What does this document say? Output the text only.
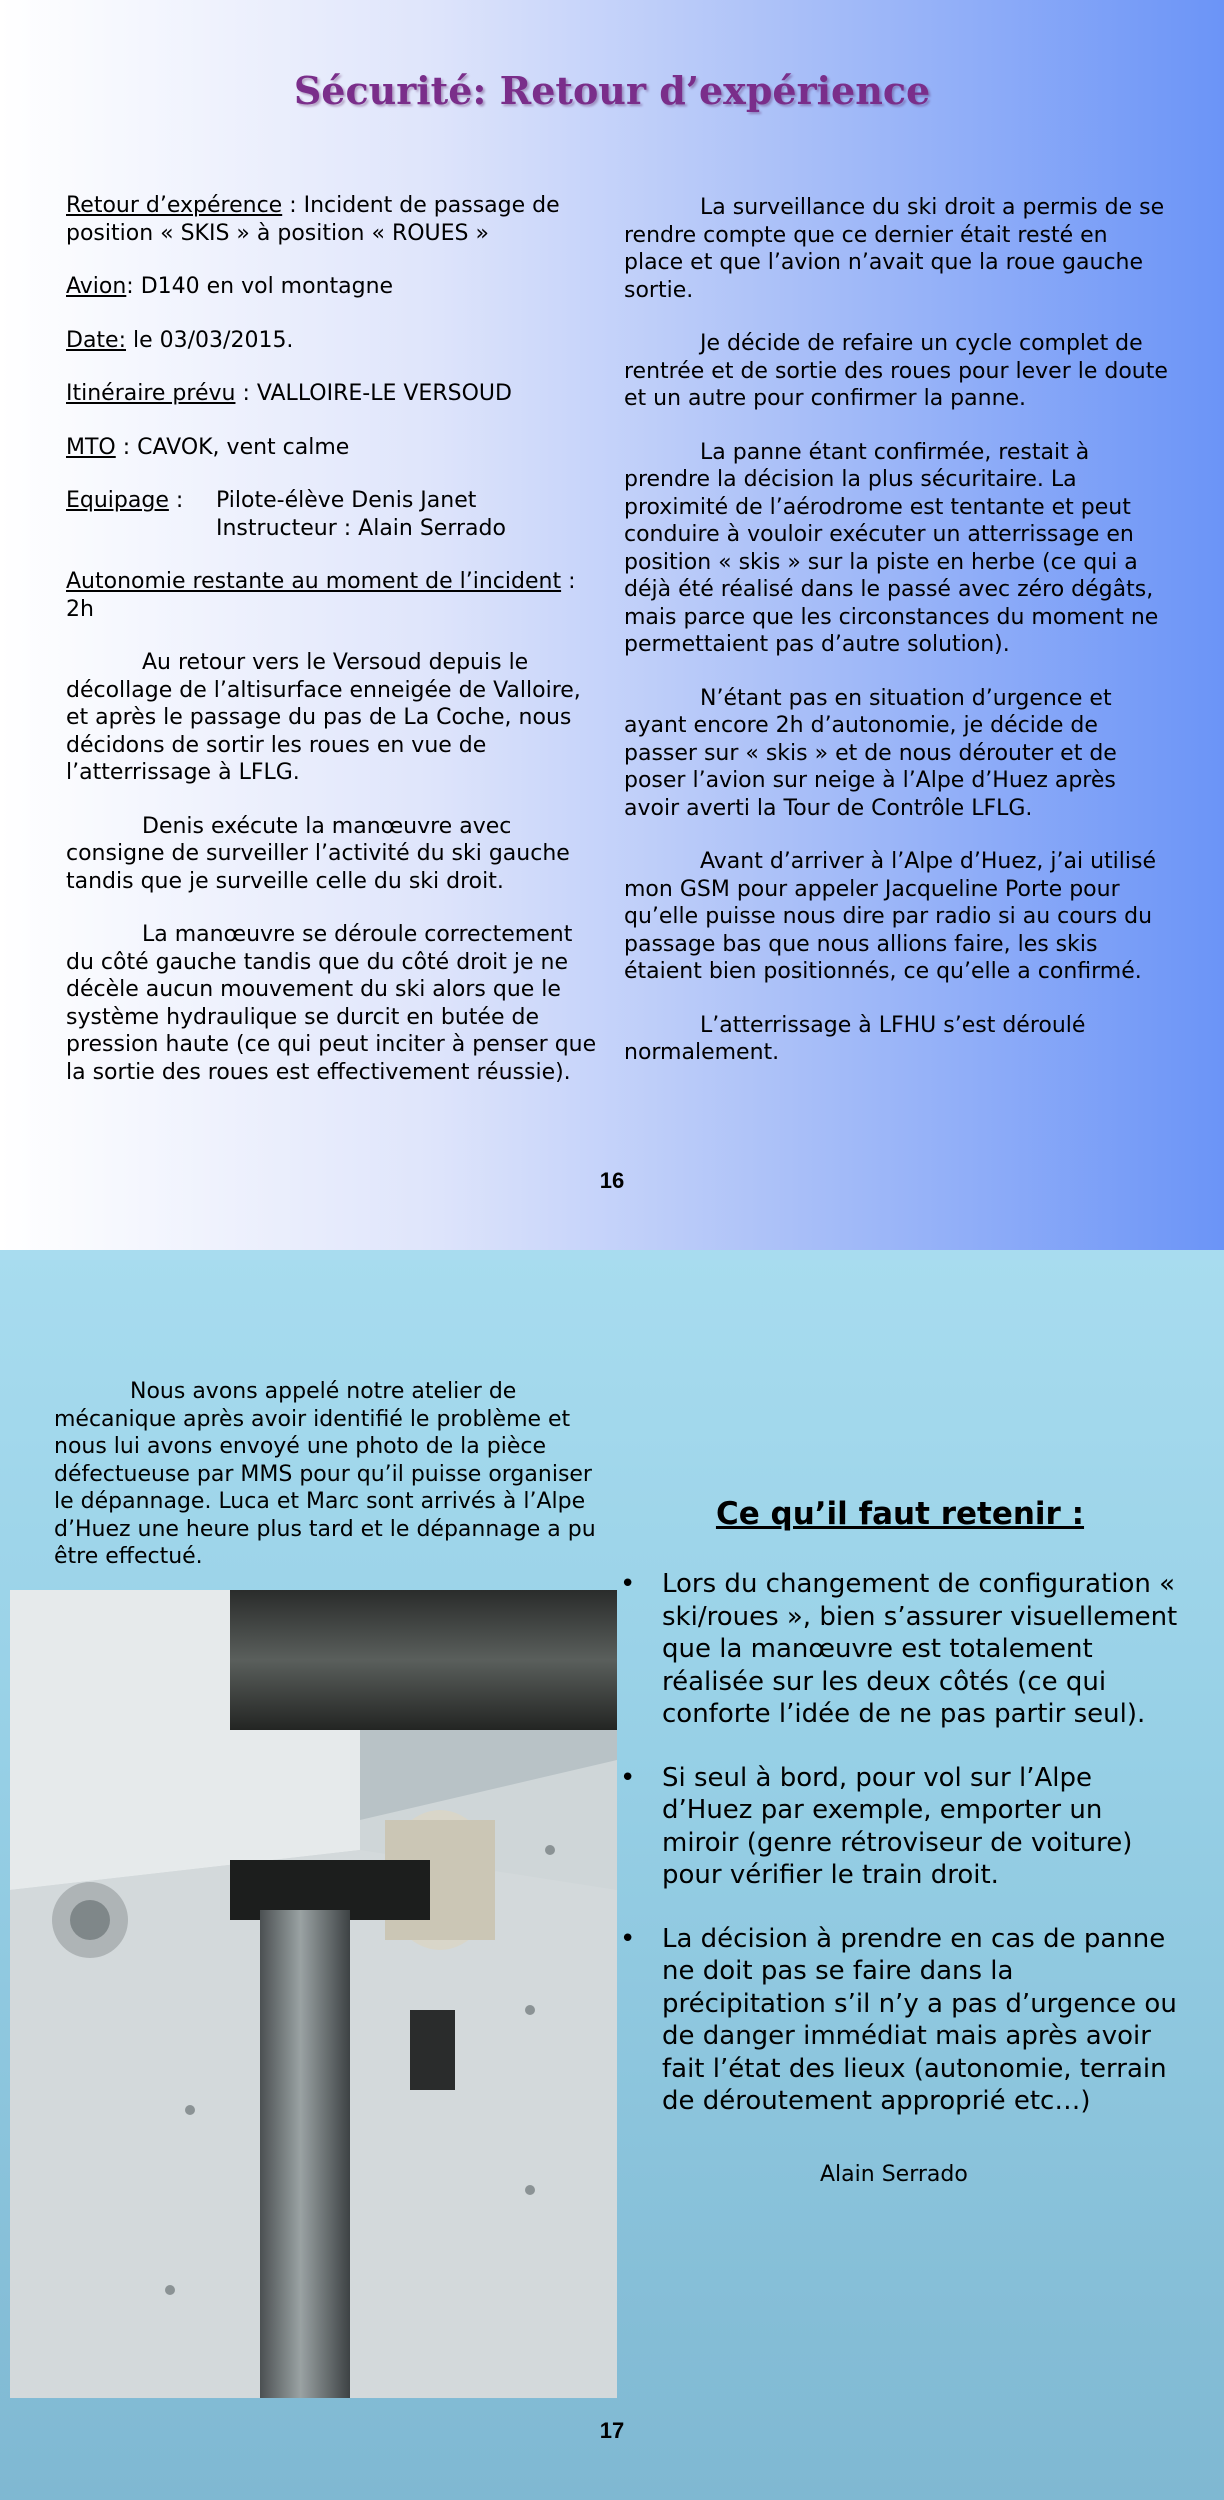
Sécurité: Retour d’expérience

Retour d’expérence : Incident de passage de position « SKIS » à position « ROUES »

Avion: D140 en vol montagne

Date: le 03/03/2015.

Itinéraire prévu : VALLOIRE-LE VERSOUD

MTO : CAVOK, vent calme

Equipage :	Pilote-élève Denis Janet
Instructeur : Alain Serrado

Autonomie restante au moment de l’incident : 2h

Au retour vers le Versoud depuis le décollage de l’altisurface enneigée de Valloire, et après le passage du pas de La Coche, nous décidons de sortir les roues en vue de l’atterrissage à LFLG.

Denis exécute la manœuvre avec consigne de surveiller l’activité du ski gauche tandis que je surveille celle du ski droit.

La manœuvre se déroule correctement du côté gauche tandis que du côté droit je ne décèle aucun mouvement du ski alors que le système hydraulique se durcit en butée de pression haute (ce qui peut inciter à penser que la sortie des roues est effectivement réussie).

La surveillance du ski droit a permis de se rendre compte que ce dernier était resté en place et que l’avion n’avait que la roue gauche sortie.

Je décide de refaire un cycle complet de rentrée et de sortie des roues pour lever le doute et un autre pour confirmer la panne.

La panne étant confirmée, restait à prendre la décision la plus sécuritaire. La proximité de l’aérodrome est tentante et peut conduire à vouloir exécuter un atterrissage en position « skis » sur la piste en herbe (ce qui a déjà été réalisé dans le passé avec zéro dégâts, mais parce que les circonstances du moment ne permettaient pas d’autre solution).

N’étant pas en situation d’urgence et ayant encore 2h d’autonomie, je décide de passer sur « skis » et de nous dérouter et de poser l’avion sur neige à l’Alpe d’Huez après avoir averti la Tour de Contrôle LFLG.

Avant d’arriver à l’Alpe d’Huez, j’ai utilisé mon GSM pour appeler Jacqueline Porte pour qu’elle puisse nous dire par radio si au cours du passage bas que nous allions faire, les skis étaient bien positionnés, ce qu’elle a confirmé.

L’atterrissage à LFHU s’est déroulé normalement.

16

Nous avons appelé notre atelier de mécanique après avoir identifié le problème et nous lui avons envoyé une photo de la pièce défectueuse par MMS pour qu’il puisse organiser le dépannage. Luca et Marc sont arrivés à l’Alpe d’Huez une heure plus tard et le dépannage a pu être effectué.

Ce qu’il faut retenir :
• Lors du changement de configuration « ski/roues », bien s’assurer visuellement que la manœuvre est totalement réalisée sur les deux côtés (ce qui conforte l’idée de ne pas partir seul).
• Si seul à bord, pour vol sur l’Alpe d’Huez par exemple, emporter un miroir (genre rétroviseur de voiture) pour vérifier le train droit.
• La décision à prendre en cas de panne ne doit pas se faire dans la précipitation s’il n’y a pas d’urgence ou de danger immédiat mais après avoir fait l’état des lieux (autonomie, terrain de déroutement approprié etc…)
Alain Serrado
17
